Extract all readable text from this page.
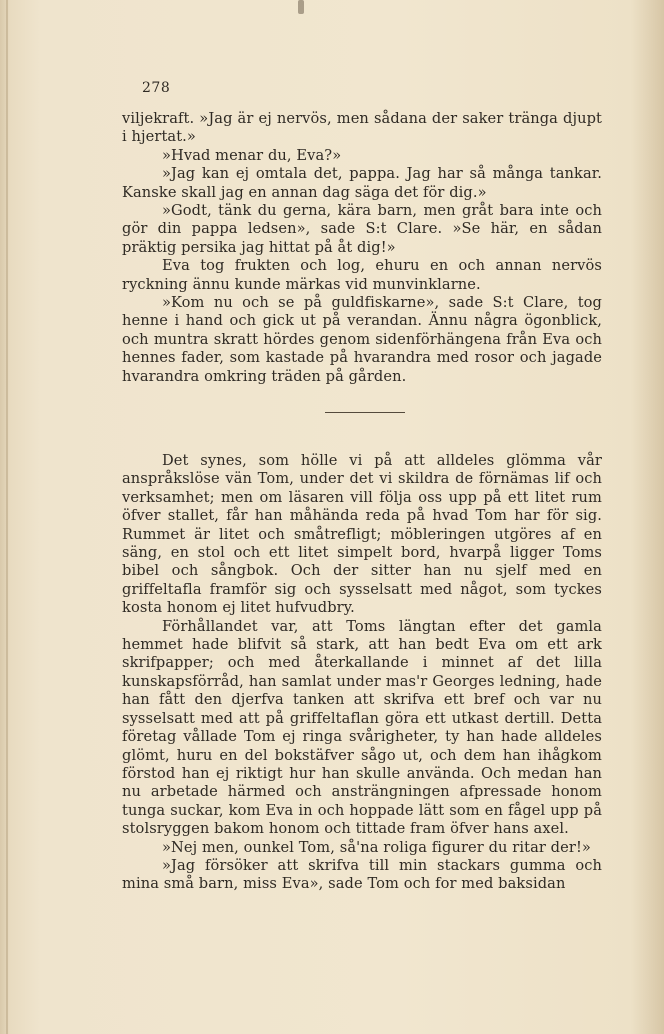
278

viljekraft. »Jag är ej nervös, men sådana der saker tränga djupt i hjertat.»

»Hvad menar du, Eva?»

»Jag kan ej omtala det, pappa. Jag har så många tankar. Kanske skall jag en annan dag säga det för dig.»

»Godt, tänk du gerna, kära barn, men gråt bara inte och gör din pappa ledsen», sade S:t Clare. »Se här, en sådan präktig persika jag hittat på åt dig!»

Eva tog frukten och log, ehuru en och annan nervös ryckning ännu kunde märkas vid munvinklarne.

»Kom nu och se på guldfiskarne», sade S:t Clare, tog henne i hand och gick ut på verandan. Ännu några ögonblick, och muntra skratt hördes genom sidenförhängena från Eva och hennes fader, som kastade på hvarandra med rosor och jagade hvarandra omkring träden på gården.

Det synes, som hölle vi på att alldeles glömma vår anspråkslöse vän Tom, under det vi skildra de förnämas lif och verksamhet; men om läsaren vill följa oss upp på ett litet rum öfver stallet, får han måhända reda på hvad Tom har för sig. Rummet är litet och småtrefligt; möbleringen utgöres af en säng, en stol och ett litet simpelt bord, hvarpå ligger Toms bibel och sångbok. Och der sitter han nu sjelf med en griffeltafla framför sig och sysselsatt med något, som tyckes kosta honom ej litet hufvudbry.

Förhållandet var, att Toms längtan efter det gamla hemmet hade blifvit så stark, att han bedt Eva om ett ark skrifpapper; och med återkallande i minnet af det lilla kunskapsförråd, han samlat under mas'r Georges ledning, hade han fått den djerfva tanken att skrifva ett bref och var nu sysselsatt med att på griffeltaflan göra ett utkast dertill. Detta företag vållade Tom ej ringa svårigheter, ty han hade alldeles glömt, huru en del bokstäfver sågo ut, och dem han ihågkom förstod han ej riktigt hur han skulle använda. Och medan han nu arbetade härmed och ansträngningen afpressade honom tunga suckar, kom Eva in och hoppade lätt som en fågel upp på stolsryggen bakom honom och tittade fram öfver hans axel.

»Nej men, ounkel Tom, så'na roliga figurer du ritar der!»

»Jag försöker att skrifva till min stackars gumma och mina små barn, miss Eva», sade Tom och for med baksidan
